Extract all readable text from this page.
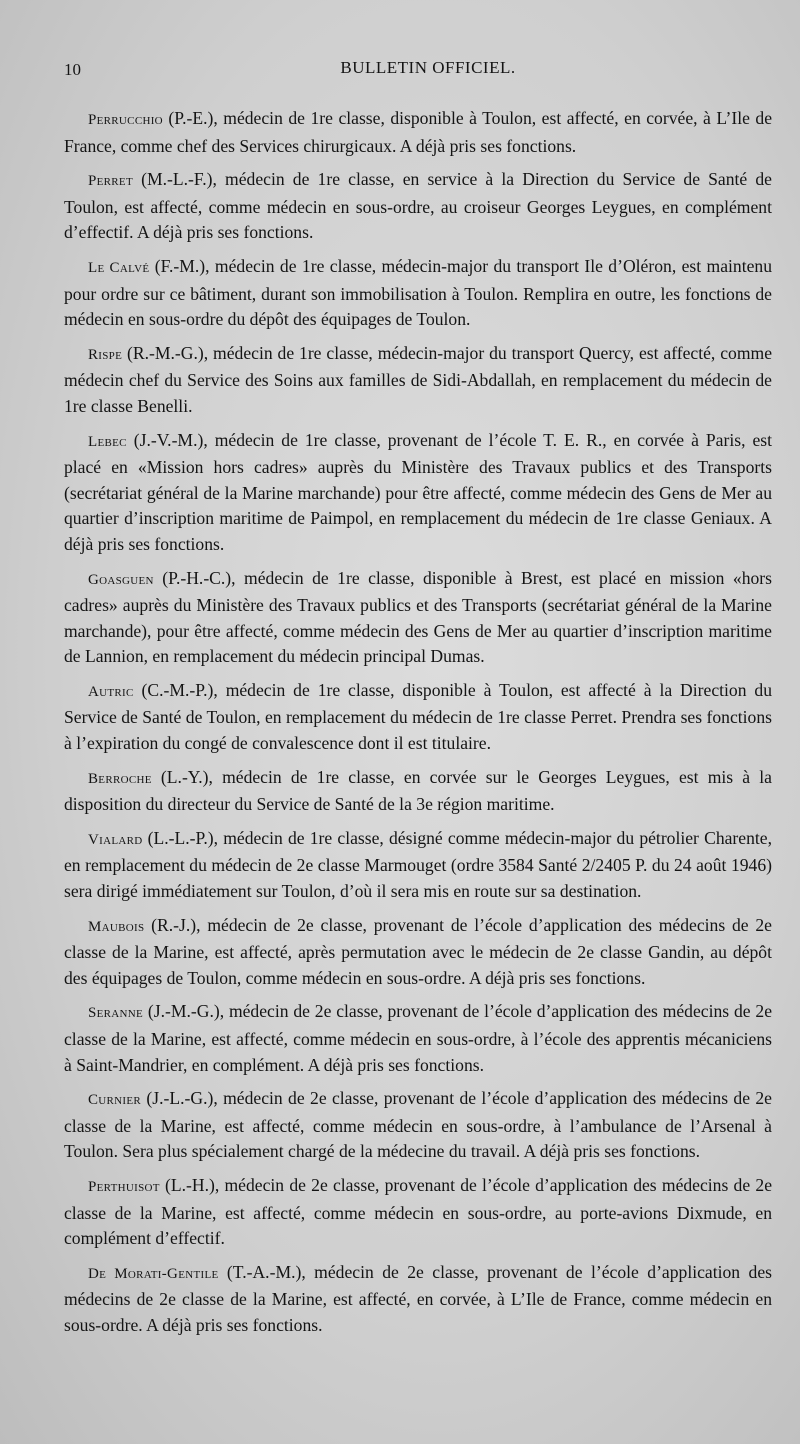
10	BULLETIN OFFICIEL.

Perrucchio (P.-E.), médecin de 1re classe, disponible à Toulon, est affecté, en corvée, à L’Ile de France, comme chef des Services chirurgicaux. A déjà pris ses fonctions.

Perret (M.-L.-F.), médecin de 1re classe, en service à la Direction du Service de Santé de Toulon, est affecté, comme médecin en sous-ordre, au croiseur Georges Leygues, en complément d’effectif. A déjà pris ses fonctions.

Le Calvé (F.-M.), médecin de 1re classe, médecin-major du transport Ile d’Oléron, est maintenu pour ordre sur ce bâtiment, durant son immobilisation à Toulon. Remplira en outre, les fonctions de médecin en sous-ordre du dépôt des équipages de Toulon.

Rispe (R.-M.-G.), médecin de 1re classe, médecin-major du transport Quercy, est affecté, comme médecin chef du Service des Soins aux familles de Sidi-Abdallah, en remplacement du médecin de 1re classe Benelli.

Lebec (J.-V.-M.), médecin de 1re classe, provenant de l’école T. E. R., en corvée à Paris, est placé en «Mission hors cadres» auprès du Ministère des Travaux publics et des Transports (secrétariat général de la Marine marchande) pour être affecté, comme médecin des Gens de Mer au quartier d’inscription maritime de Paimpol, en remplacement du médecin de 1re classe Geniaux. A déjà pris ses fonctions.

Goasguen (P.-H.-C.), médecin de 1re classe, disponible à Brest, est placé en mission «hors cadres» auprès du Ministère des Travaux publics et des Transports (secrétariat général de la Marine marchande), pour être affecté, comme médecin des Gens de Mer au quartier d’inscription maritime de Lannion, en remplacement du médecin principal Dumas.

Autric (C.-M.-P.), médecin de 1re classe, disponible à Toulon, est affecté à la Direction du Service de Santé de Toulon, en remplacement du médecin de 1re classe Perret. Prendra ses fonctions à l’expiration du congé de convalescence dont il est titulaire.

Berroche (L.-Y.), médecin de 1re classe, en corvée sur le Georges Leygues, est mis à la disposition du directeur du Service de Santé de la 3e région maritime.

Vialard (L.-L.-P.), médecin de 1re classe, désigné comme médecin-major du pétrolier Charente, en remplacement du médecin de 2e classe Marmouget (ordre 3584 Santé 2/2405 P. du 24 août 1946) sera dirigé immédiatement sur Toulon, d’où il sera mis en route sur sa destination.

Maubois (R.-J.), médecin de 2e classe, provenant de l’école d’application des médecins de 2e classe de la Marine, est affecté, après permutation avec le médecin de 2e classe Gandin, au dépôt des équipages de Toulon, comme médecin en sous-ordre. A déjà pris ses fonctions.

Seranne (J.-M.-G.), médecin de 2e classe, provenant de l’école d’application des médecins de 2e classe de la Marine, est affecté, comme médecin en sous-ordre, à l’école des apprentis mécaniciens à Saint-Mandrier, en complément. A déjà pris ses fonctions.

Curnier (J.-L.-G.), médecin de 2e classe, provenant de l’école d’application des médecins de 2e classe de la Marine, est affecté, comme médecin en sous-ordre, à l’ambulance de l’Arsenal à Toulon. Sera plus spécialement chargé de la médecine du travail. A déjà pris ses fonctions.

Perthuisot (L.-H.), médecin de 2e classe, provenant de l’école d’application des médecins de 2e classe de la Marine, est affecté, comme médecin en sous-ordre, au porte-avions Dixmude, en complément d’effectif.

De Morati-Gentile (T.-A.-M.), médecin de 2e classe, provenant de l’école d’application des médecins de 2e classe de la Marine, est affecté, en corvée, à L’Ile de France, comme médecin en sous-ordre. A déjà pris ses fonctions.
